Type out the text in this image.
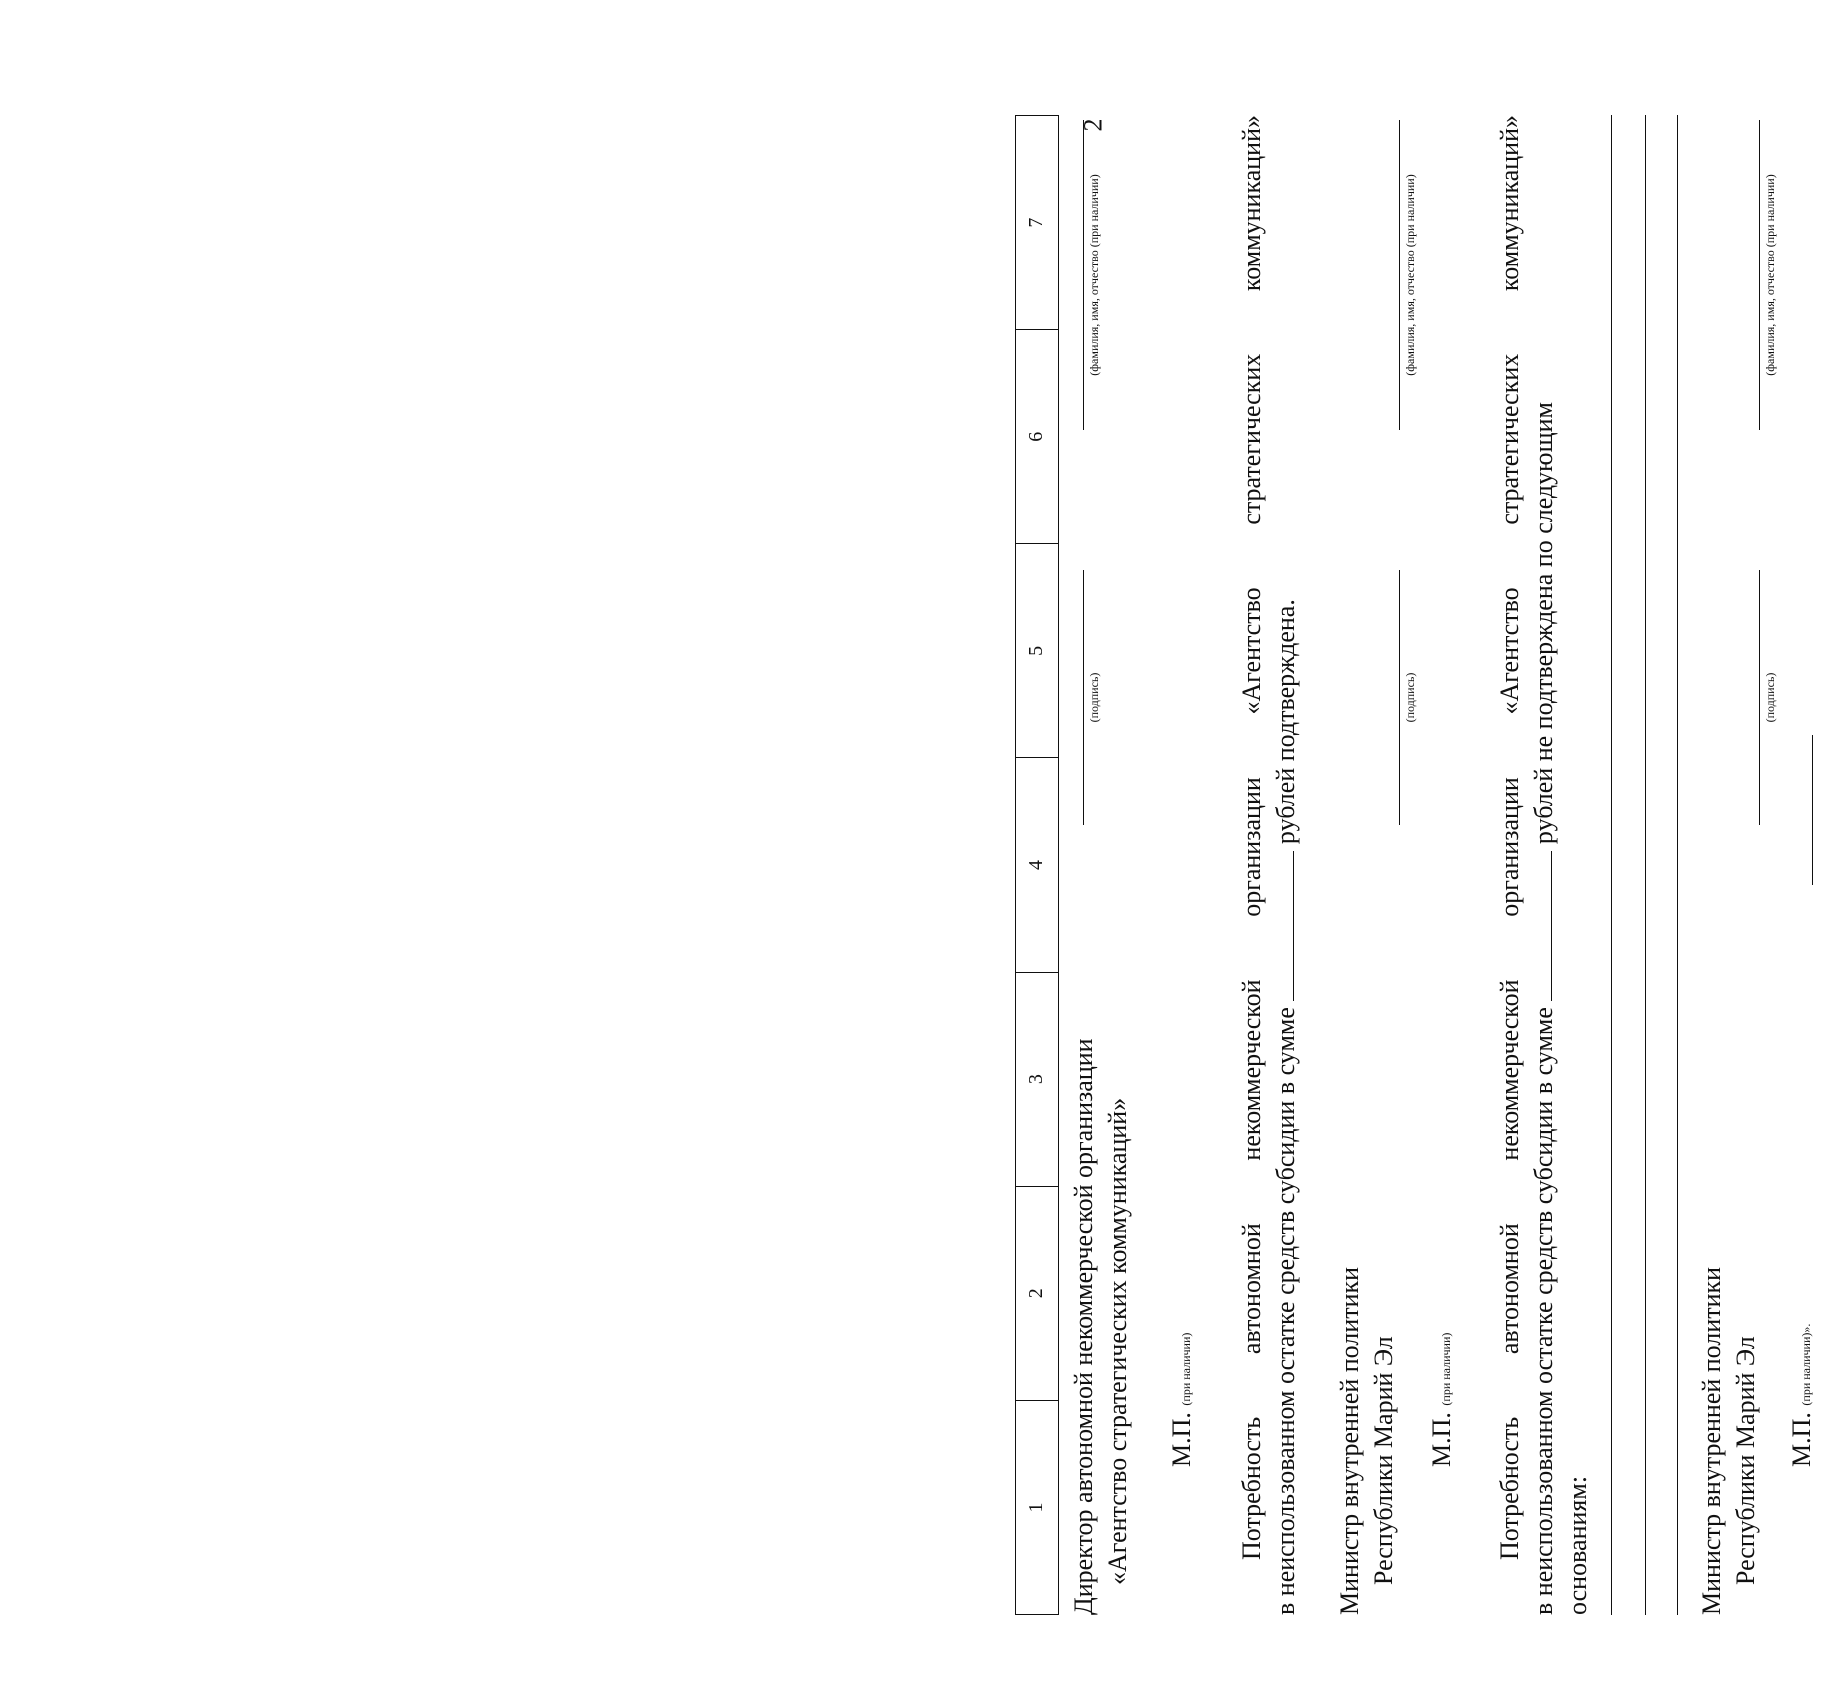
2
1	2	3	4	5	6	7
Директор автономной некоммерческой организации «Агентство стратегических коммуникаций»
(подпись)
(фамилия, имя, отчество (при наличии)
М.П. (при наличии) Потребность автономной некоммерческой организации «Агентство стратегических коммуникаций» в неиспользованном остатке средств субсидии в сумме  рублей подтверждена.
Министр внутренней политики Республики Марий Эл
(подпись)
(фамилия, имя, отчество (при наличии)
М.П. (при наличии) Потребность автономной некоммерческой организации «Агентство стратегических коммуникаций» в неиспользованном остатке средств субсидии в сумме  рублей не подтверждена по следующим
основаниям:	Министр внутренней политики Республики Марий Эл
(подпись)
(фамилия, имя, отчество (при наличии)
М.П. (при наличии)».
